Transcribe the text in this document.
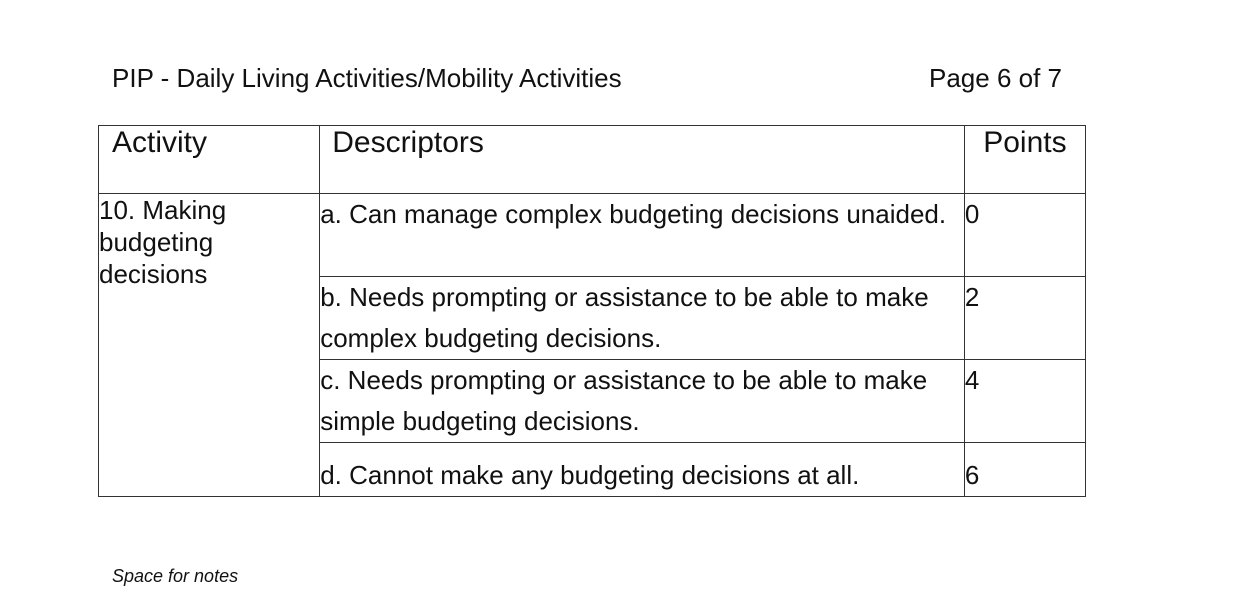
PIP - Daily Living Activities/Mobility Activities	Page 6 of 7
Activity	Descriptors	Points
10. Making budgeting decisions	a. Can manage complex budgeting decisions unaided.	0
	b. Needs prompting or assistance to be able to make complex budgeting decisions.	2
	c. Needs prompting or assistance to be able to make simple budgeting decisions.	4
	d. Cannot make any budgeting decisions at all.	6
Space for notes
